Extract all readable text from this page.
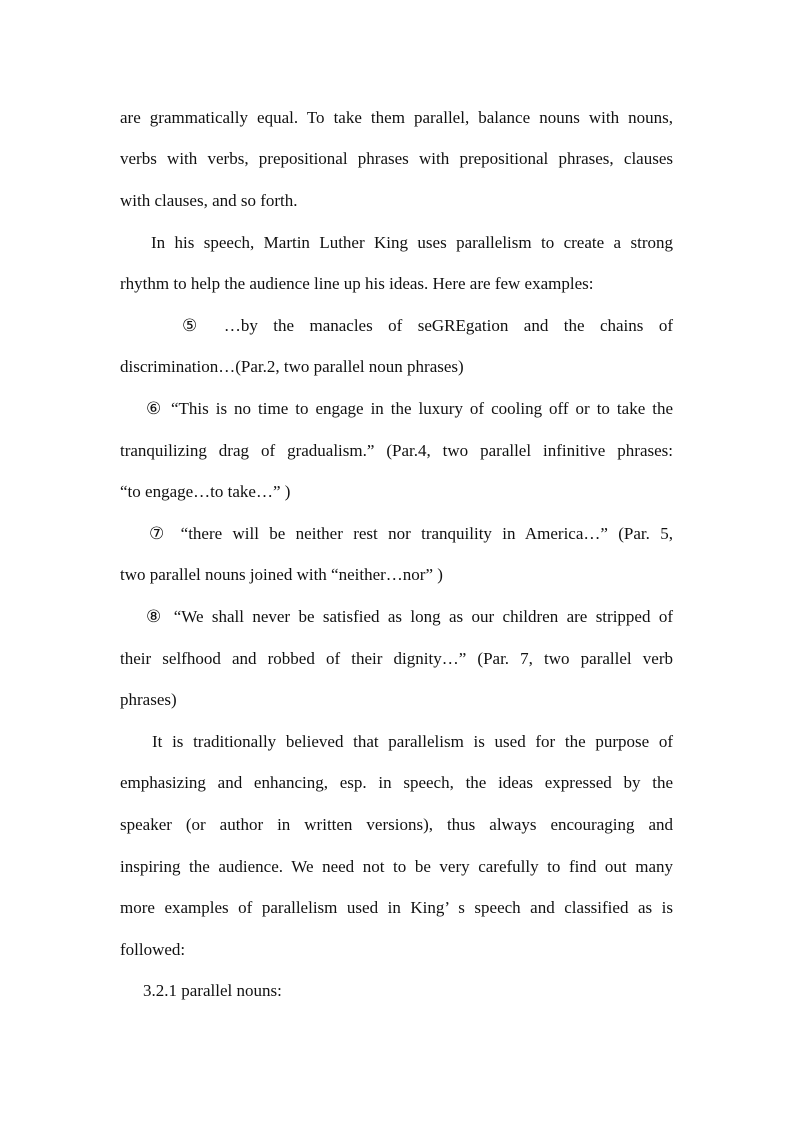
are grammatically equal. To take them parallel, balance nouns with nouns,
verbs with verbs, prepositional phrases with prepositional phrases, clauses
with clauses, and so forth.
In his speech, Martin Luther King uses parallelism to create a strong
rhythm to help the audience line up his ideas. Here are few examples:
⑤ …by the manacles of seGREgation and the chains of
discrimination…(Par.2, two parallel noun phrases)
⑥ “This is no time to engage in the luxury of cooling off or to take the
tranquilizing drag of gradualism.” (Par.4, two parallel infinitive phrases:
“to engage…to take…” )
⑦ “there will be neither rest nor tranquility in America…” (Par. 5,
two parallel nouns joined with “neither…nor” )
⑧ “We shall never be satisfied as long as our children are stripped of
their selfhood and robbed of their dignity…” (Par. 7, two parallel verb
phrases)
It is traditionally believed that parallelism is used for the purpose of
emphasizing and enhancing, esp. in speech, the ideas expressed by the
speaker (or author in written versions), thus always encouraging and
inspiring the audience. We need not to be very carefully to find out many
more examples of parallelism used in King’ s speech and classified as is
followed:
3.2.1 parallel nouns:
